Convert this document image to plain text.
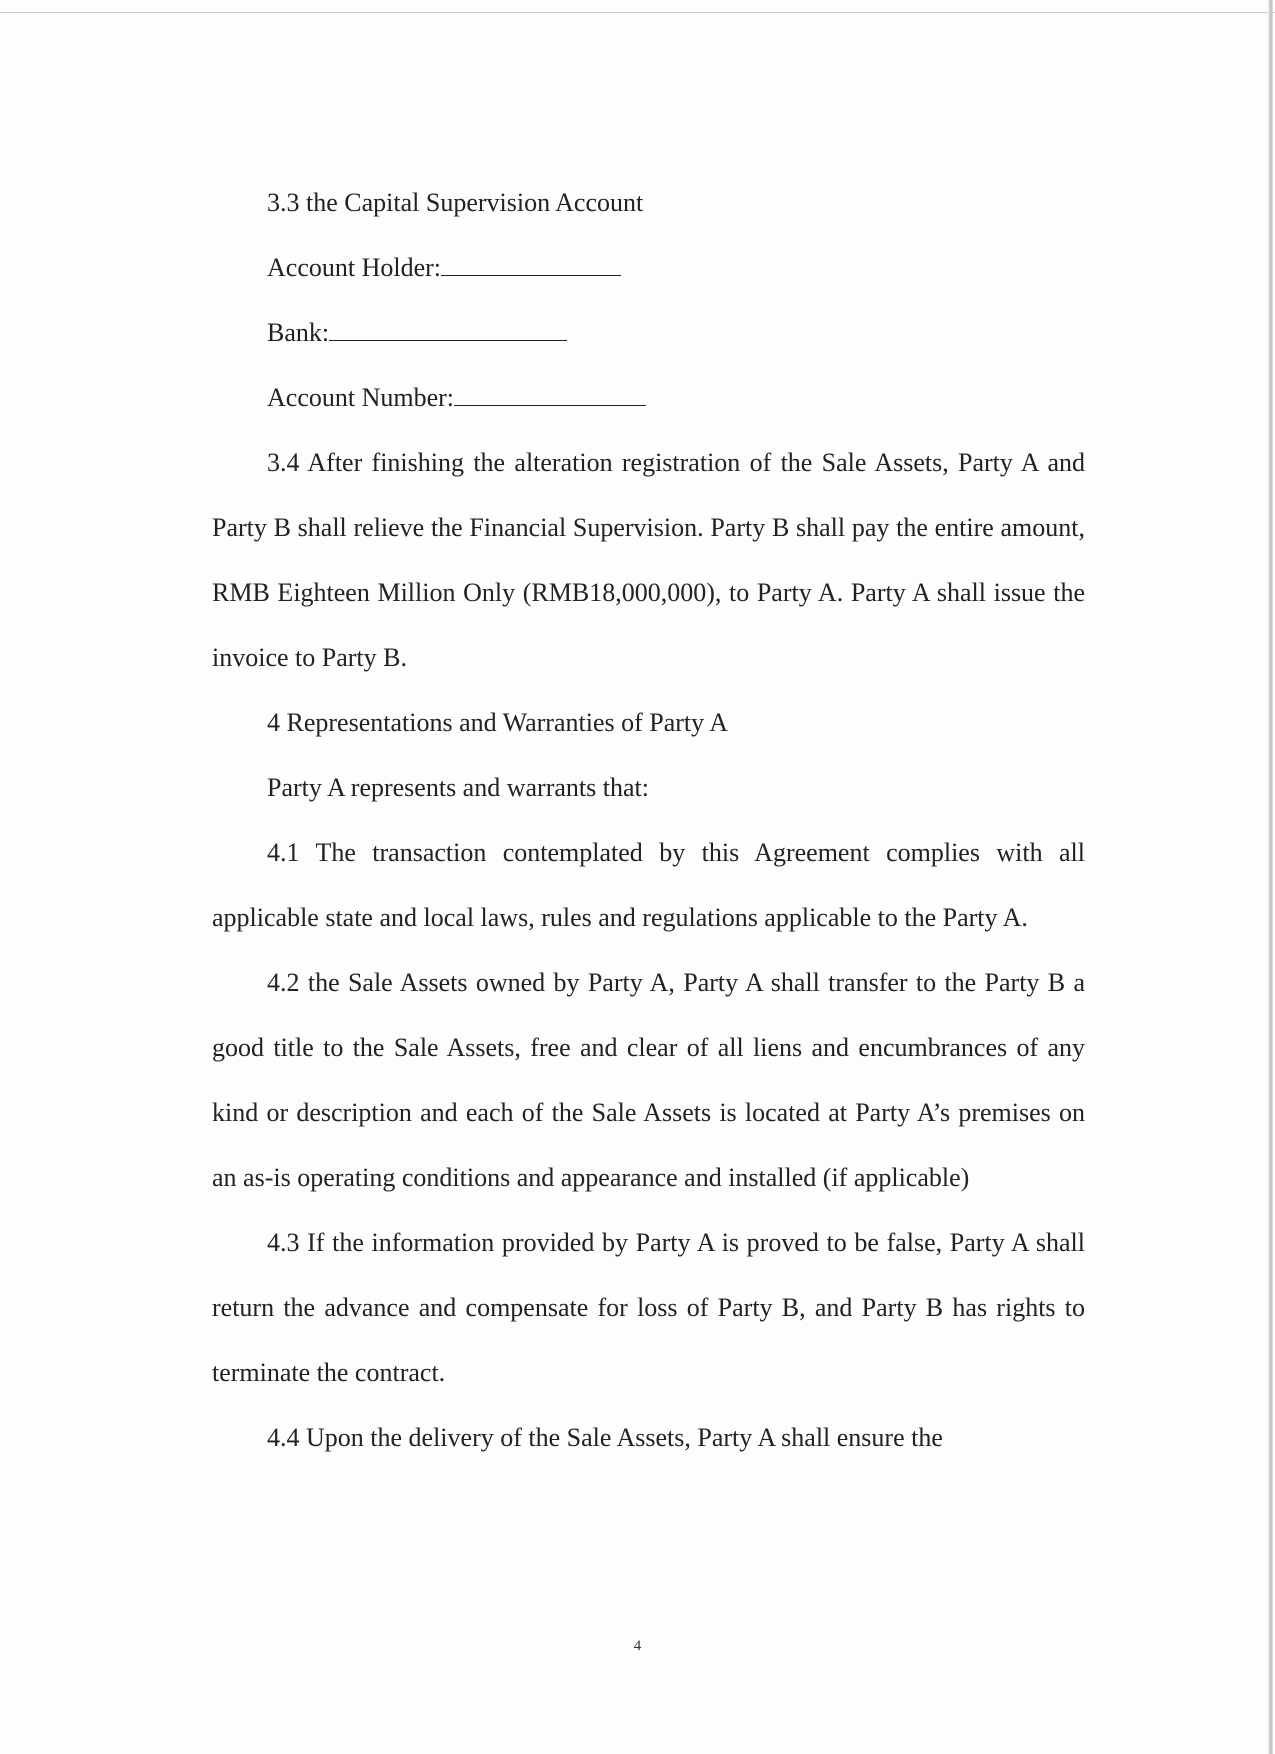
3.3 the Capital Supervision Account

Account Holder:

Bank:

Account Number:

3.4 After finishing the alteration registration of the Sale Assets, Party A and Party B shall relieve the Financial Supervision. Party B shall pay the entire amount, RMB Eighteen Million Only (RMB18,000,000), to Party A. Party A shall issue the invoice to Party B.

4 Representations and Warranties of Party A

Party A represents and warrants that:

4.1 The transaction contemplated by this Agreement complies with all applicable state and local laws, rules and regulations applicable to the Party A.

4.2 the Sale Assets owned by Party A, Party A shall transfer to the Party B a good title to the Sale Assets, free and clear of all liens and encumbrances of any kind or description and each of the Sale Assets is located at Party A’s premises on an as-is operating conditions and appearance and installed (if applicable)

4.3 If the information provided by Party A is proved to be false, Party A shall return the advance and compensate for loss of Party B, and Party B has rights to terminate the contract.

4.4 Upon the delivery of the Sale Assets, Party A shall ensure the

4
